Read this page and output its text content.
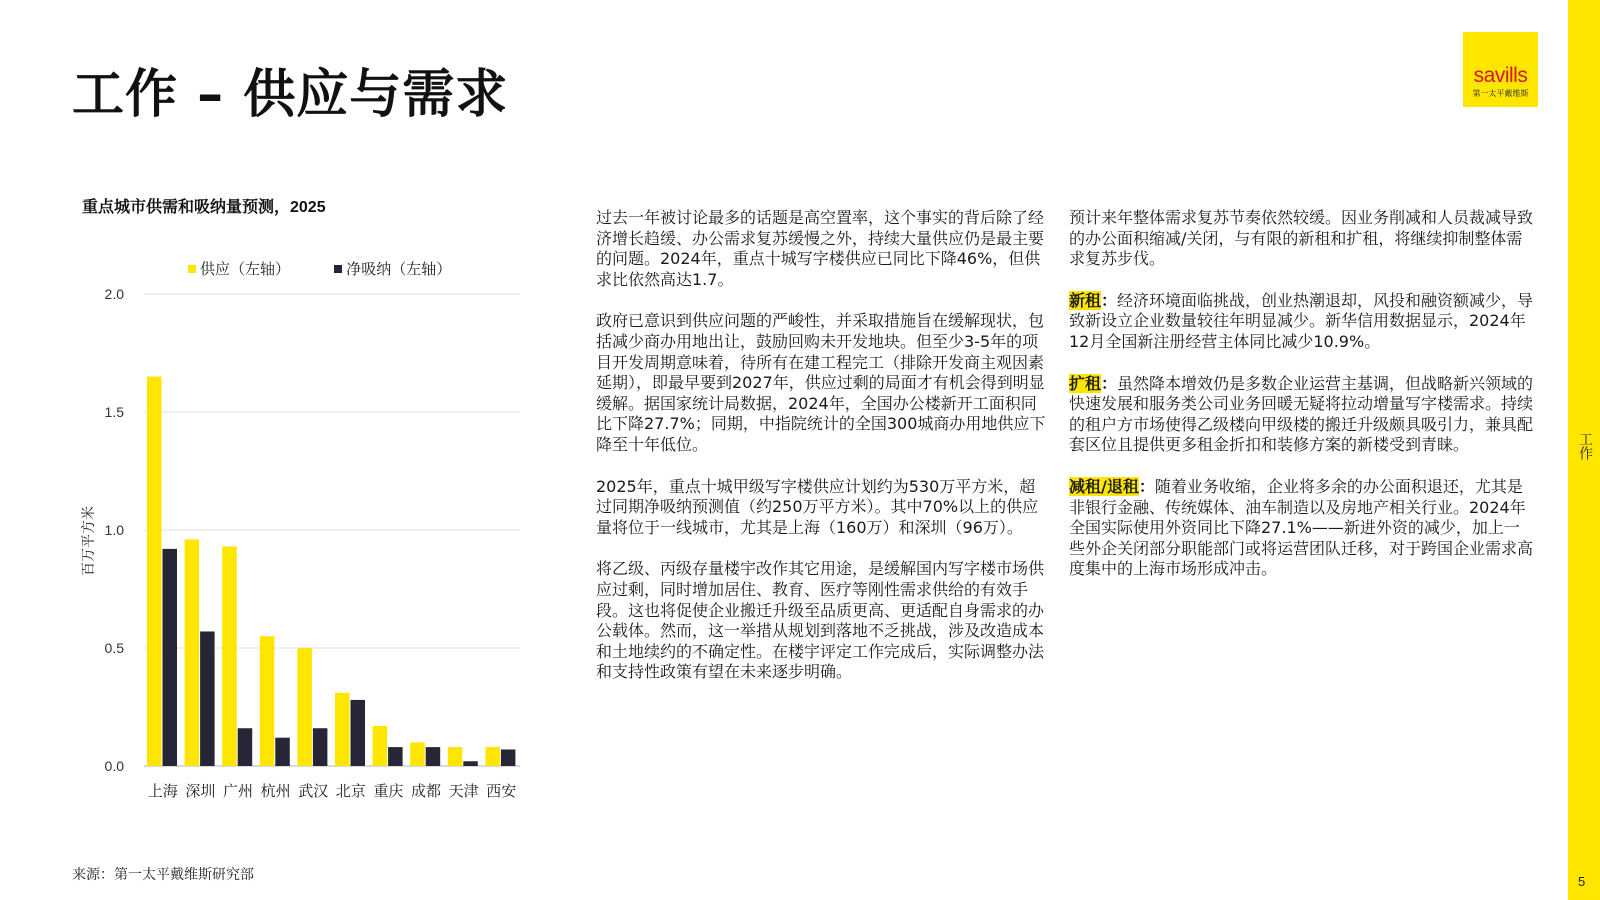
工作 – 供应与需求	savills
第一太平戴维斯
工作
5
重点城市供需和吸纳量预测，2025
供应（左轴）
	净吸纳（左轴）
0.0
0.5
1.0
1.5
2.0
百万平方米
上海 深圳 广州 杭州 武汉 北京 重庆 成都 天津 西安
来源：第一太平戴维斯研究部

过去一年被讨论最多的话题是高空置率，这个事实的背后除了经济增长趋缓、办公需求复苏缓慢之外，持续大量供应仍是最主要的问题。2024年，重点十城写字楼供应已同比下降46%，但供求比依然高达1.7。

政府已意识到供应问题的严峻性，并采取措施旨在缓解现状，包括减少商办用地出让，鼓励回购未开发地块。但至少3-5年的项目开发周期意味着，待所有在建工程完工（排除开发商主观因素延期），即最早要到2027年，供应过剩的局面才有机会得到明显缓解。据国家统计局数据，2024年，全国办公楼新开工面积同比下降27.7%；同期，中指院统计的全国300城商办用地供应下降至十年低位。

2025年，重点十城甲级写字楼供应计划约为530万平方米，超过同期净吸纳预测值（约250万平方米）。其中70%以上的供应量将位于一线城市，尤其是上海（160万）和深圳（96万）。

将乙级、丙级存量楼宇改作其它用途，是缓解国内写字楼市场供应过剩，同时增加居住、教育、医疗等刚性需求供给的有效手段。这也将促使企业搬迁升级至品质更高、更适配自身需求的办公载体。然而，这一举措从规划到落地不乏挑战，涉及改造成本和土地续约的不确定性。在楼宇评定工作完成后，实际调整办法和支持性政策有望在未来逐步明确。

预计来年整体需求复苏节奏依然较缓。因业务削减和人员裁减导致的办公面积缩减/关闭，与有限的新租和扩租，将继续抑制整体需求复苏步伐。

新租：经济环境面临挑战，创业热潮退却，风投和融资额减少，导致新设立企业数量较往年明显减少。新华信用数据显示，2024年12月全国新注册经营主体同比减少10.9%。

扩租：虽然降本增效仍是多数企业运营主基调，但战略新兴领域的快速发展和服务类公司业务回暖无疑将拉动增量写字楼需求。持续的租户方市场使得乙级楼向甲级楼的搬迁升级颇具吸引力，兼具配套区位且提供更多租金折扣和装修方案的新楼受到青睐。

减租/退租：随着业务收缩，企业将多余的办公面积退还，尤其是非银行金融、传统媒体、油车制造以及房地产相关行业。2024年全国实际使用外资同比下降27.1%——新进外资的减少，加上一些外企关闭部分职能部门或将运营团队迁移，对于跨国企业需求高度集中的上海市场形成冲击。
